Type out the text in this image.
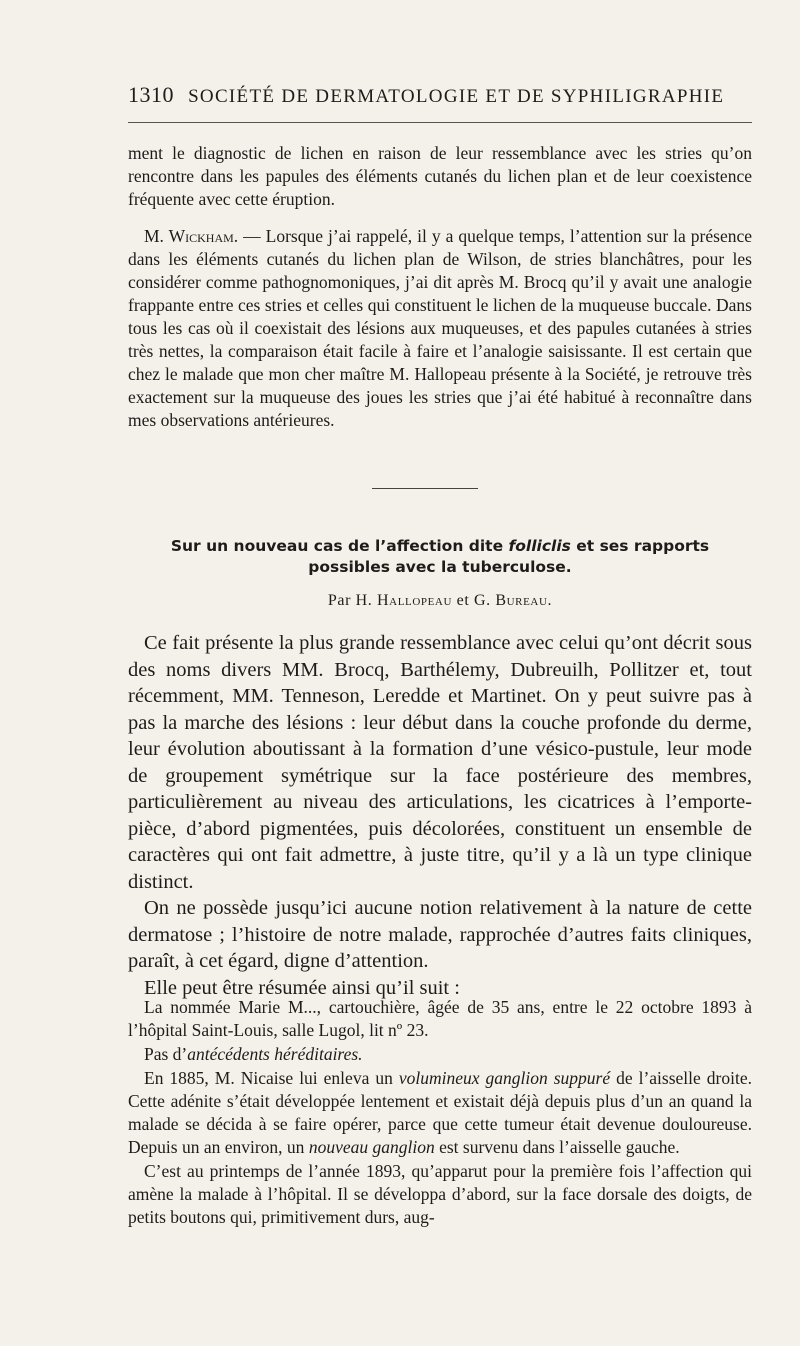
1310 SOCIÉTÉ DE DERMATOLOGIE ET DE SYPHILIGRAPHIE

ment le diagnostic de lichen en raison de leur ressemblance avec les stries qu’on rencontre dans les papules des éléments cutanés du lichen plan et de leur coexistence fréquente avec cette éruption.

M. Wickham. — Lorsque j’ai rappelé, il y a quelque temps, l’attention sur la présence dans les éléments cutanés du lichen plan de Wilson, de stries blanchâtres, pour les considérer comme pathognomoniques, j’ai dit après M. Brocq qu’il y avait une analogie frappante entre ces stries et celles qui constituent le lichen de la muqueuse buccale. Dans tous les cas où il coexistait des lésions aux muqueuses, et des papules cutanées à stries très nettes, la comparaison était facile à faire et l’analogie saisissante. Il est certain que chez le malade que mon cher maître M. Hallopeau présente à la Société, je retrouve très exactement sur la muqueuse des joues les stries que j’ai été habitué à reconnaître dans mes observations antérieures.

Sur un nouveau cas de l’affection dite folliclis et ses rapports possibles avec la tuberculose.
Par H. Hallopeau et G. Bureau.

Ce fait présente la plus grande ressemblance avec celui qu’ont décrit sous des noms divers MM. Brocq, Barthélemy, Dubreuilh, Pollitzer et, tout récemment, MM. Tenneson, Leredde et Martinet. On y peut suivre pas à pas la marche des lésions : leur début dans la couche profonde du derme, leur évolution aboutissant à la formation d’une vésico-pustule, leur mode de groupement symétrique sur la face postérieure des membres, particulièrement au niveau des articulations, les cicatrices à l’emporte-pièce, d’abord pigmentées, puis décolorées, constituent un ensemble de caractères qui ont fait admettre, à juste titre, qu’il y a là un type clinique distinct.

On ne possède jusqu’ici aucune notion relativement à la nature de cette dermatose ; l’histoire de notre malade, rapprochée d’autres faits cliniques, paraît, à cet égard, digne d’attention.

Elle peut être résumée ainsi qu’il suit :

La nommée Marie M..., cartouchière, âgée de 35 ans, entre le 22 octobre 1893 à l’hôpital Saint-Louis, salle Lugol, lit nº 23.

Pas d’antécédents héréditaires.

En 1885, M. Nicaise lui enleva un volumineux ganglion suppuré de l’aisselle droite. Cette adénite s’était développée lentement et existait déjà depuis plus d’un an quand la malade se décida à se faire opérer, parce que cette tumeur était devenue douloureuse. Depuis un an environ, un nouveau ganglion est survenu dans l’aisselle gauche.

C’est au printemps de l’année 1893, qu’apparut pour la première fois l’affection qui amène la malade à l’hôpital. Il se développa d’abord, sur la face dorsale des doigts, de petits boutons qui, primitivement durs, aug-
